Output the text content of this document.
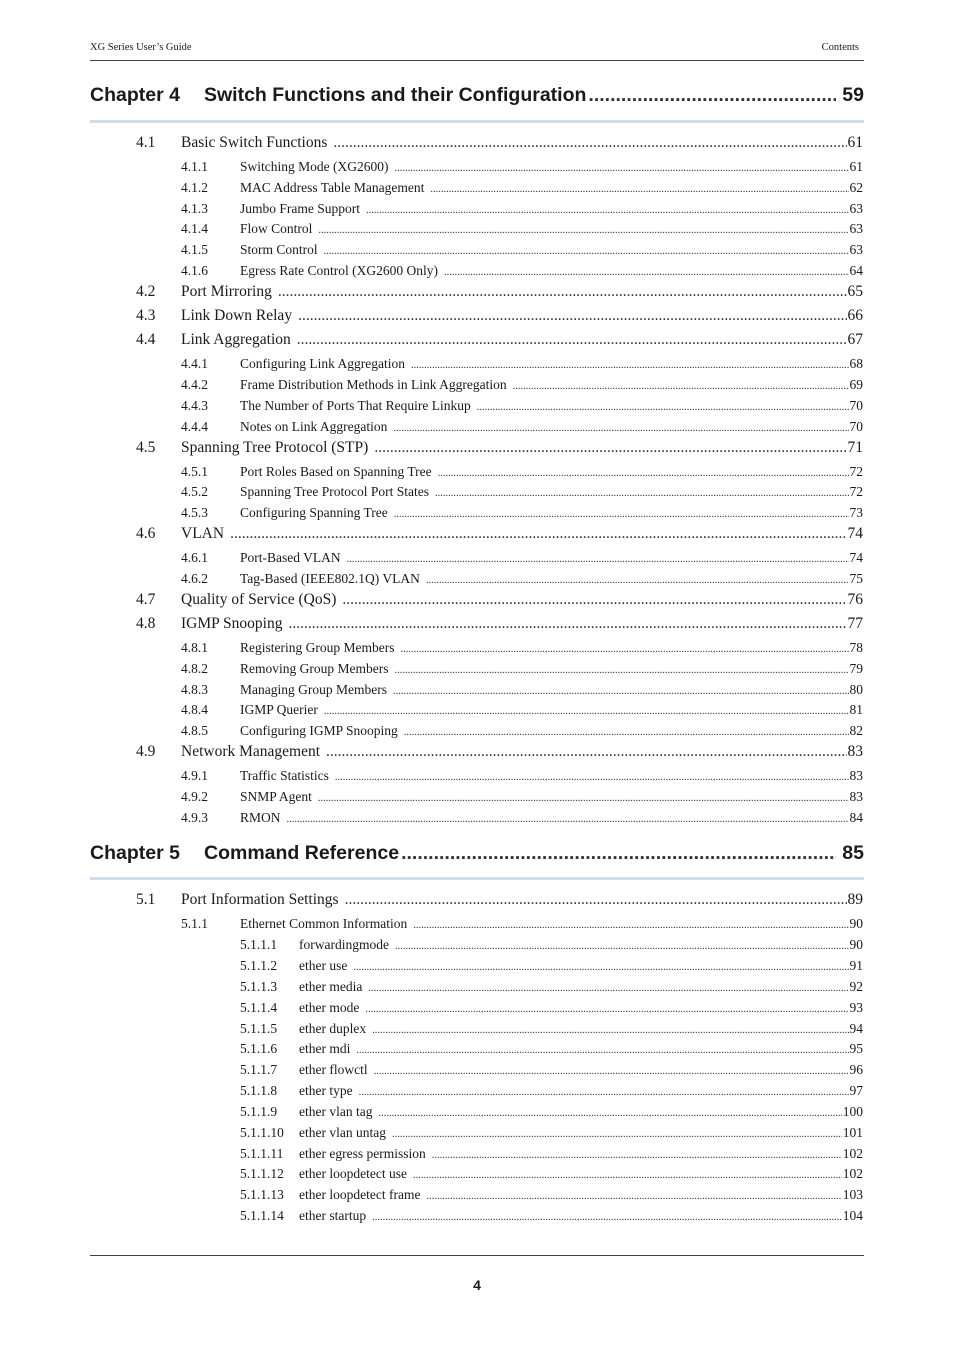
XG Series User’s Guide	Contents
Chapter 4	Switch Functions and their Configuration .....	59
4.1	Basic Switch Functions .....	61
4.1.1	Switching Mode (XG2600) .....	61
4.1.2	MAC Address Table Management .....	62
4.1.3	Jumbo Frame Support .....	63
4.1.4	Flow Control .....	63
4.1.5	Storm Control .....	63
4.1.6	Egress Rate Control (XG2600 Only) .....	64
4.2	Port Mirroring .....	65
4.3	Link Down Relay .....	66
4.4	Link Aggregation .....	67
4.4.1	Configuring Link Aggregation .....	68
4.4.2	Frame Distribution Methods in Link Aggregation .....	69
4.4.3	The Number of Ports That Require Linkup .....	70
4.4.4	Notes on Link Aggregation .....	70
4.5	Spanning Tree Protocol (STP) .....	71
4.5.1	Port Roles Based on Spanning Tree .....	72
4.5.2	Spanning Tree Protocol Port States .....	72
4.5.3	Configuring Spanning Tree .....	73
4.6	VLAN .....	74
4.6.1	Port-Based VLAN .....	74
4.6.2	Tag-Based (IEEE802.1Q) VLAN .....	75
4.7	Quality of Service (QoS) .....	76
4.8	IGMP Snooping .....	77
4.8.1	Registering Group Members .....	78
4.8.2	Removing Group Members .....	79
4.8.3	Managing Group Members .....	80
4.8.4	IGMP Querier .....	81
4.8.5	Configuring IGMP Snooping .....	82
4.9	Network Management .....	83
4.9.1	Traffic Statistics .....	83
4.9.2	SNMP Agent .....	83
4.9.3	RMON .....	84
Chapter 5	Command Reference .....	85
5.1	Port Information Settings .....	89
5.1.1	Ethernet Common Information .....	90
5.1.1.1	forwardingmode .....	90
5.1.1.2	ether use .....	91
5.1.1.3	ether media .....	92
5.1.1.4	ether mode .....	93
5.1.1.5	ether duplex .....	94
5.1.1.6	ether mdi .....	95
5.1.1.7	ether flowctl .....	96
5.1.1.8	ether type .....	97
5.1.1.9	ether vlan tag .....	100
5.1.1.10	ether vlan untag .....	101
5.1.1.11	ether egress permission .....	102
5.1.1.12	ether loopdetect use .....	102
5.1.1.13	ether loopdetect frame .....	103
5.1.1.14	ether startup .....	104
4
